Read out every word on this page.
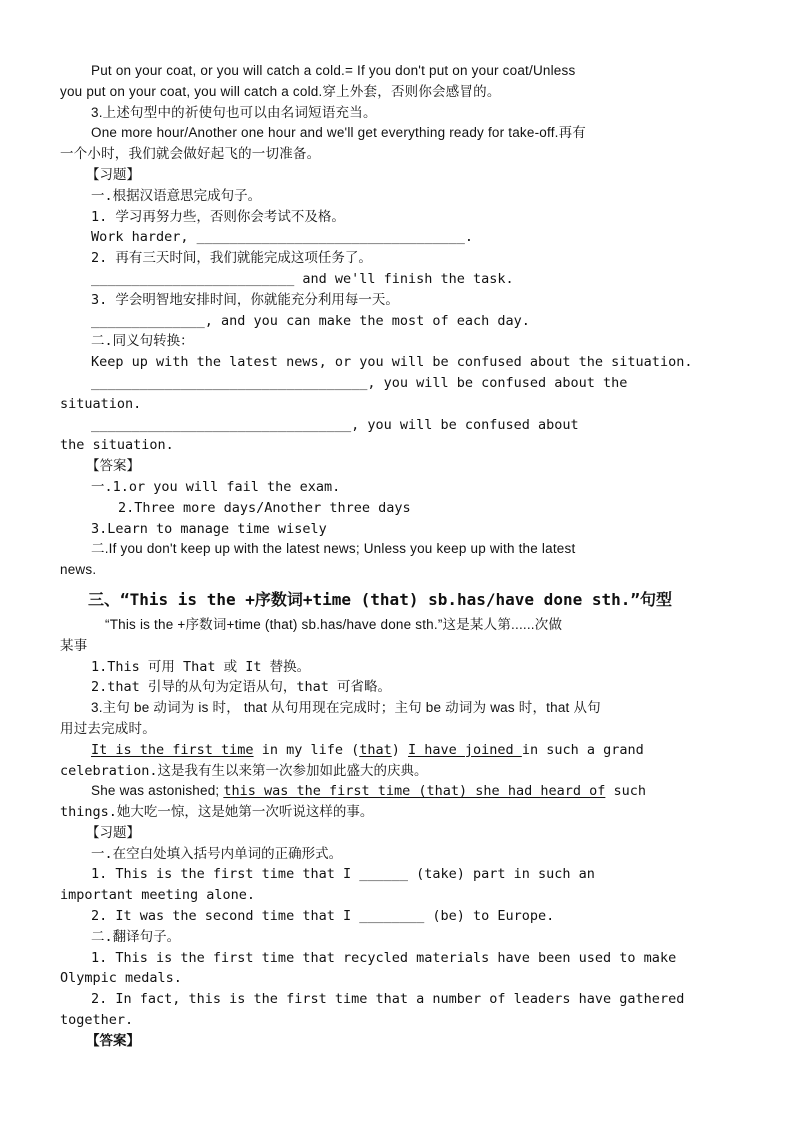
Put on your coat, or you will catch a cold.= If you don't put on your coat/Unless
you put on your coat, you will catch a cold.穿上外套，否则你会感冒的。
3.上述句型中的祈使句也可以由名词短语充当。
One more hour/Another one hour and we'll get everything ready for take-off.再有
一个小时，我们就会做好起飞的一切准备。
【习题】
一.根据汉语意思完成句子。
1. 学习再努力些，否则你会考试不及格。
Work harder, _________________________________.
2. 再有三天时间，我们就能完成这项任务了。
_________________________ and we'll finish the task.
3. 学会明智地安排时间，你就能充分利用每一天。
______________, and you can make the most of each day.
二.同义句转换：
Keep up with the latest news, or you will be confused about the situation.
__________________________________, you will be confused about the
situation.
________________________________, you will be confused about
the situation.
【答案】
一.1.or you will fail the exam.
2.Three more days/Another three days
3.Learn to manage time wisely
二.If you don't keep up with the latest news; Unless you keep up with the latest
news.
三、“This is the +序数词+time (that) sb.has/have done sth.”句型
“This is the +序数词+time (that) sb.has/have done sth.”这是某人第......次做
某事
1.This 可用 That 或 It 替换。
2.that 引导的从句为定语从句，that 可省略。
3.主句 be 动词为 is 时， that 从句用现在完成时；主句 be 动词为 was 时，that 从句
用过去完成时。
It is the first time in my life (that) I have joined in such a grand
celebration.这是我有生以来第一次参加如此盛大的庆典。
She was astonished; this was the first time (that) she had heard of such
things.她大吃一惊，这是她第一次听说这样的事。
【习题】
一.在空白处填入括号内单词的正确形式。
1. This is the first time that I ______ (take) part in such an
important meeting alone.
2. It was the second time that I ________ (be) to Europe.
二.翻译句子。
1. This is the first time that recycled materials have been used to make
Olympic medals.
2. In fact, this is the first time that a number of leaders have gathered
together.
【答案】
